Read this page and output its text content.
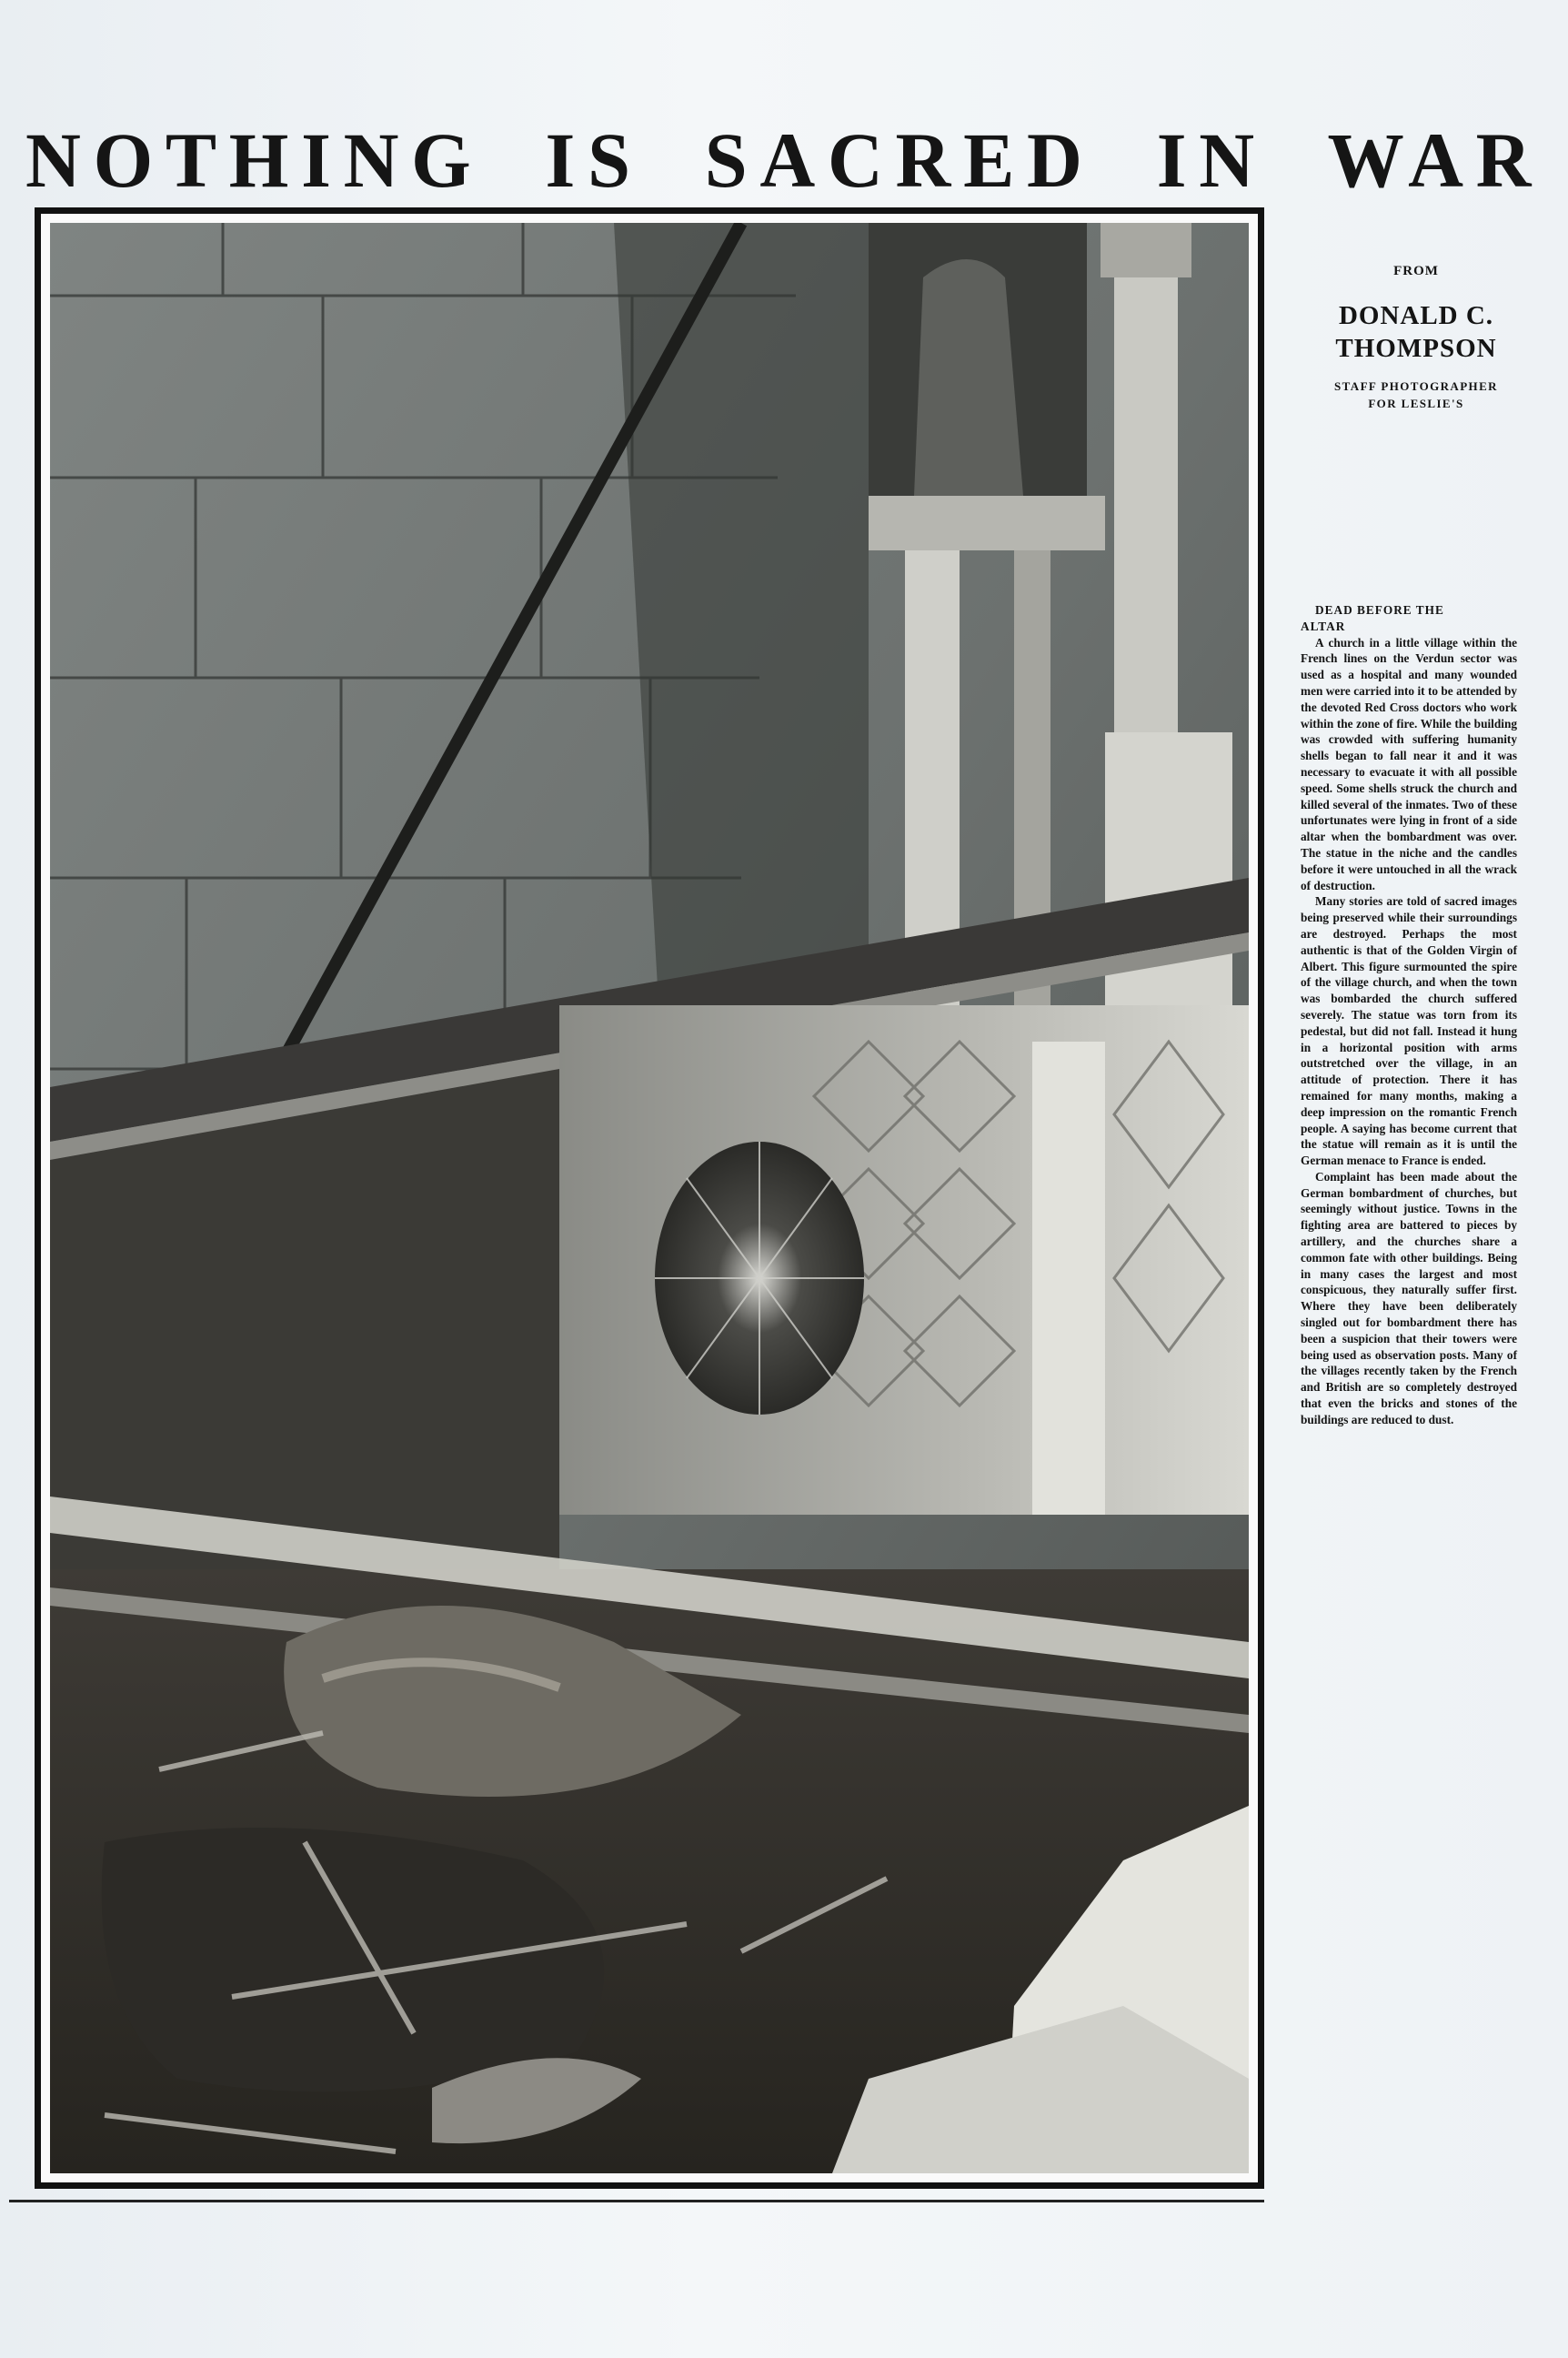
NOTHING IS SACRED IN WAR

FROM

DONALD C.
THOMPSON

STAFF PHOTOGRAPHER
FOR LESLIE'S

DEAD BEFORE THE
ALTAR

A church in a little village within the French lines on the Verdun sector was used as a hospital and many wounded men were carried into it to be attended by the devoted Red Cross doctors who work within the zone of fire. While the building was crowded with suffering humanity shells began to fall near it and it was necessary to evacuate it with all possible speed. Some shells struck the church and killed several of the inmates. Two of these unfortunates were lying in front of a side altar when the bombardment was over. The statue in the niche and the candles before it were untouched in all the wrack of destruction.

Many stories are told of sacred images being preserved while their surroundings are destroyed. Perhaps the most authentic is that of the Golden Virgin of Albert. This figure surmounted the spire of the village church, and when the town was bombarded the church suffered severely. The statue was torn from its pedestal, but did not fall. Instead it hung in a horizontal position with arms outstretched over the village, in an attitude of protection. There it has remained for many months, making a deep impression on the romantic French people. A saying has become current that the statue will remain as it is until the German menace to France is ended.

Complaint has been made about the German bombardment of churches, but seemingly without justice. Towns in the fighting area are battered to pieces by artillery, and the churches share a common fate with other buildings. Being in many cases the largest and most conspicuous, they naturally suffer first. Where they have been deliberately singled out for bombardment there has been a suspicion that their towers were being used as observation posts. Many of the villages recently taken by the French and British are so completely destroyed that even the bricks and stones of the buildings are reduced to dust.
